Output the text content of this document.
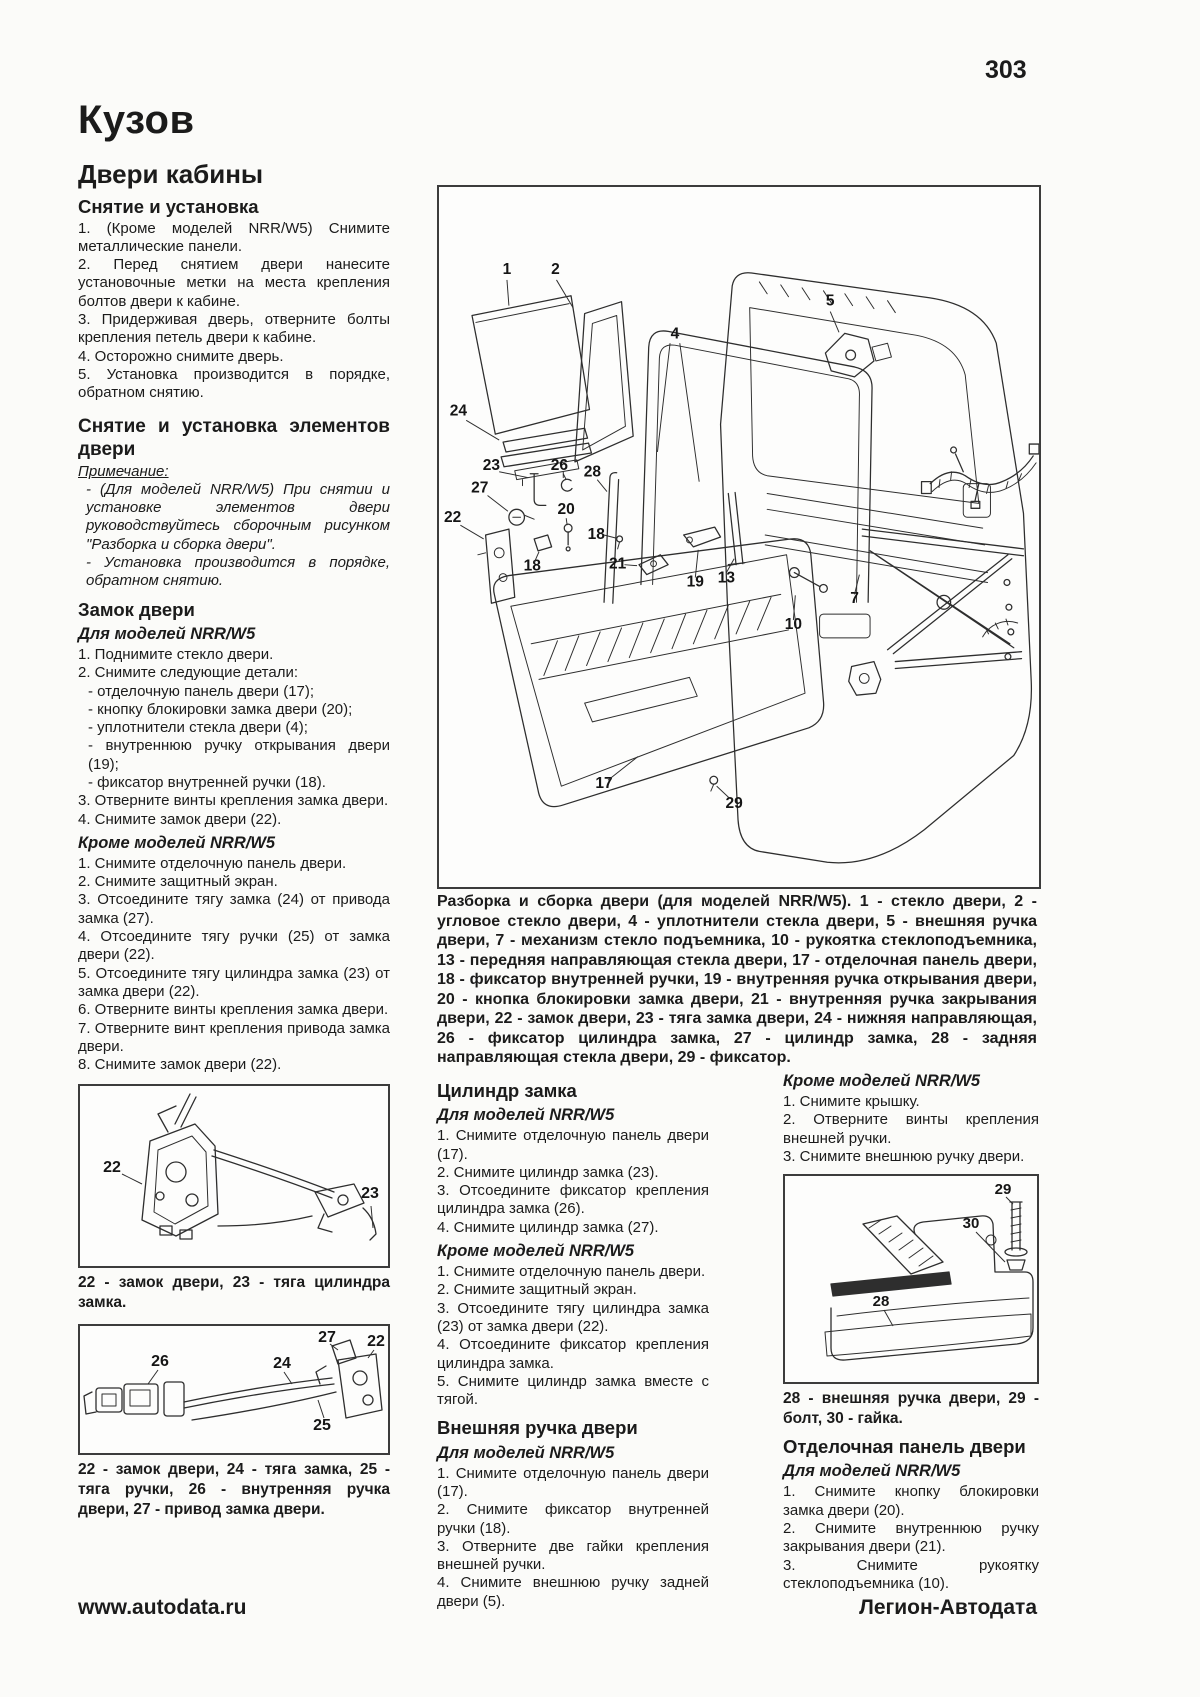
303
Кузов
Двери кабины
Снятие и установка

1. (Кроме моделей NRR/W5) Снимите металлические панели.

2. Перед снятием двери нанесите установочные метки на места крепления болтов двери к кабине.

3. Придерживая дверь, отверните болты крепления петель двери к кабине.

4. Осторожно снимите дверь.

5. Установка производится в порядке, обратном снятию.

Снятие и установка элементов двери
Примечание:

- (Для моделей NRR/W5) При снятии и установке элементов двери руководствуйтесь сборочным рисунком "Разборка и сборка двери".

- Установка производится в порядке, обратном снятию.

Замок двери
Для моделей NRR/W5

1. Поднимите стекло двери.

2. Снимите следующие детали:

- отделочную панель двери (17);

- кнопку блокировки замка двери (20);

- уплотнители стекла двери (4);

- внутреннюю ручку открывания двери (19);

- фиксатор внутренней ручки (18).

3. Отверните винты крепления замка двери.

4. Снимите замок двери (22).

Кроме моделей NRR/W5

1. Снимите отделочную панель двери.

2. Снимите защитный экран.

3. Отсоедините тягу замка (24) от привода замка (27).

4. Отсоедините тягу ручки (25) от замка двери (22).

5. Отсоедините тягу цилиндра замка (23) от замка двери (22).

6. Отверните винты крепления замка двери.

7. Отверните винт крепления привода замка двери.

8. Снимите замок двери (22).

22
23
22 - замок двери, 23 - тяга цилиндра замка.
27 22
26	24
25
22 - замок двери, 24 - тяга замка, 25 - тяга ручки, 26 - внутренняя ручка двери, 27 - привод замка двери.
1 2
5
4
24
23	26 28
27
22	20
18
18
21
19 13
10
7
17
29
Разборка и сборка двери (для моделей NRR/W5). 1 - стекло двери, 2 - угловое стекло двери, 4 - уплотнители стекла двери, 5 - внешняя ручка двери, 7 - механизм стекло подъемника, 10 - рукоятка стеклоподъемника, 13 - передняя направляющая стекла двери, 17 - отделочная панель двери, 18 - фиксатор внутренней ручки, 19 - внутренняя ручка открывания двери, 20 - кнопка блокировки замка двери, 21 - внутренняя ручка закрывания двери, 22 - замок двери, 23 - тяга замка двери, 24 - нижняя направляющая, 26 - фиксатор цилиндра замка, 27 - цилиндр замка, 28 - задняя направляющая стекла двери, 29 - фиксатор.
Цилиндр замка
Для моделей NRR/W5

1. Снимите отделочную панель двери (17).

2. Снимите цилиндр замка (23).

3. Отсоедините фиксатор крепления цилиндра замка (26).

4. Снимите цилиндр замка (27).

Кроме моделей NRR/W5

1. Снимите отделочную панель двери.

2. Снимите защитный экран.

3. Отсоедините тягу цилиндра замка (23) от замка двери (22).

4. Отсоедините фиксатор крепления цилиндра замка.

5. Снимите цилиндр замка вместе с тягой.

Внешняя ручка двери
Для моделей NRR/W5

1. Снимите отделочную панель двери (17).

2. Снимите фиксатор внутренней ручки (18).

3. Отверните две гайки крепления внешней ручки.

4. Снимите внешнюю ручку задней двери (5).

Кроме моделей NRR/W5

1. Снимите крышку.

2. Отверните винты крепления внешней ручки.

3. Снимите внешнюю ручку двери.

29
30
28
28 - внешняя ручка двери, 29 - болт, 30 - гайка.
Отделочная панель двери
Для моделей NRR/W5

1. Снимите кнопку блокировки замка двери (20).

2. Снимите внутреннюю ручку закрывания двери (21).

3. Снимите рукоятку стеклоподъемника (10).

www.autodata.ru	Легион-Автодата
